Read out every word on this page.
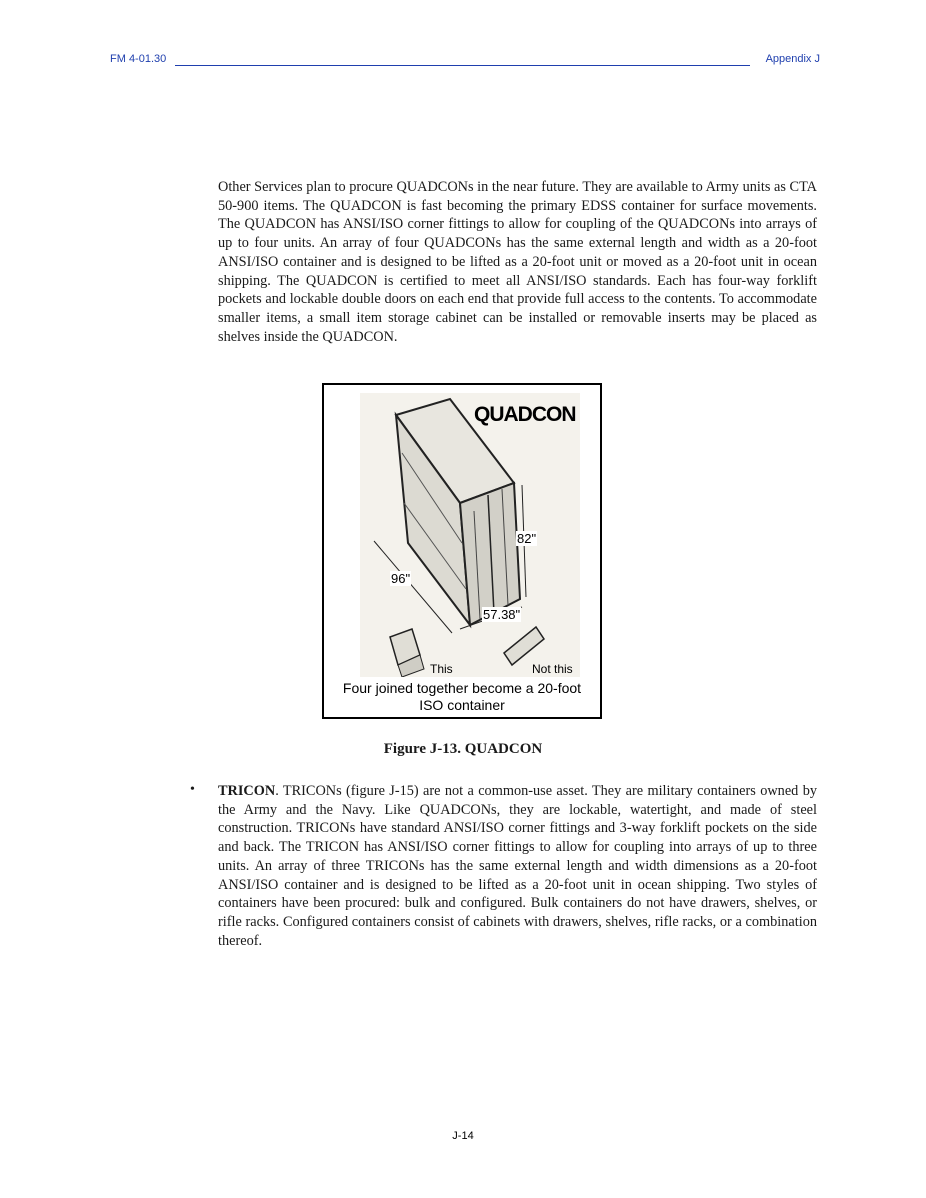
FM 4-01.30	Appendix J

Other Services plan to procure QUADCONs in the near future. They are available to Army units as CTA 50-900 items. The QUADCON is fast becoming the primary EDSS container for surface movements. The QUADCON has ANSI/ISO corner fittings to allow for coupling of the QUADCONs into arrays of up to four units. An array of four QUADCONs has the same external length and width as a 20-foot ANSI/ISO container and is designed to be lifted as a 20-foot unit or moved as a 20-foot unit in ocean shipping. The QUADCON is certified to meet all ANSI/ISO standards. Each has four-way forklift pockets and lockable double doors on each end that provide full access to the contents. To accommodate smaller items, a small item storage cabinet can be installed or removable inserts may be placed as shelves inside the QUADCON.

QUADCON
82"
96"
57.38"
This	Not this
Four joined together become a 20-foot
ISO container
Figure J-13. QUADCON
• TRICON. TRICONs (figure J-15) are not a common-use asset. They are military containers owned by the Army and the Navy. Like QUADCONs, they are lockable, watertight, and made of steel construction. TRICONs have standard ANSI/ISO corner fittings and 3-way forklift pockets on the side and back. The TRICON has ANSI/ISO corner fittings to allow for coupling into arrays of up to three units. An array of three TRICONs has the same external length and width dimensions as a 20-foot ANSI/ISO container and is designed to be lifted as a 20-foot unit in ocean shipping. Two styles of containers have been procured: bulk and configured. Bulk containers do not have drawers, shelves, or rifle racks. Configured containers consist of cabinets with drawers, shelves, rifle racks, or a combination thereof.

J-14
